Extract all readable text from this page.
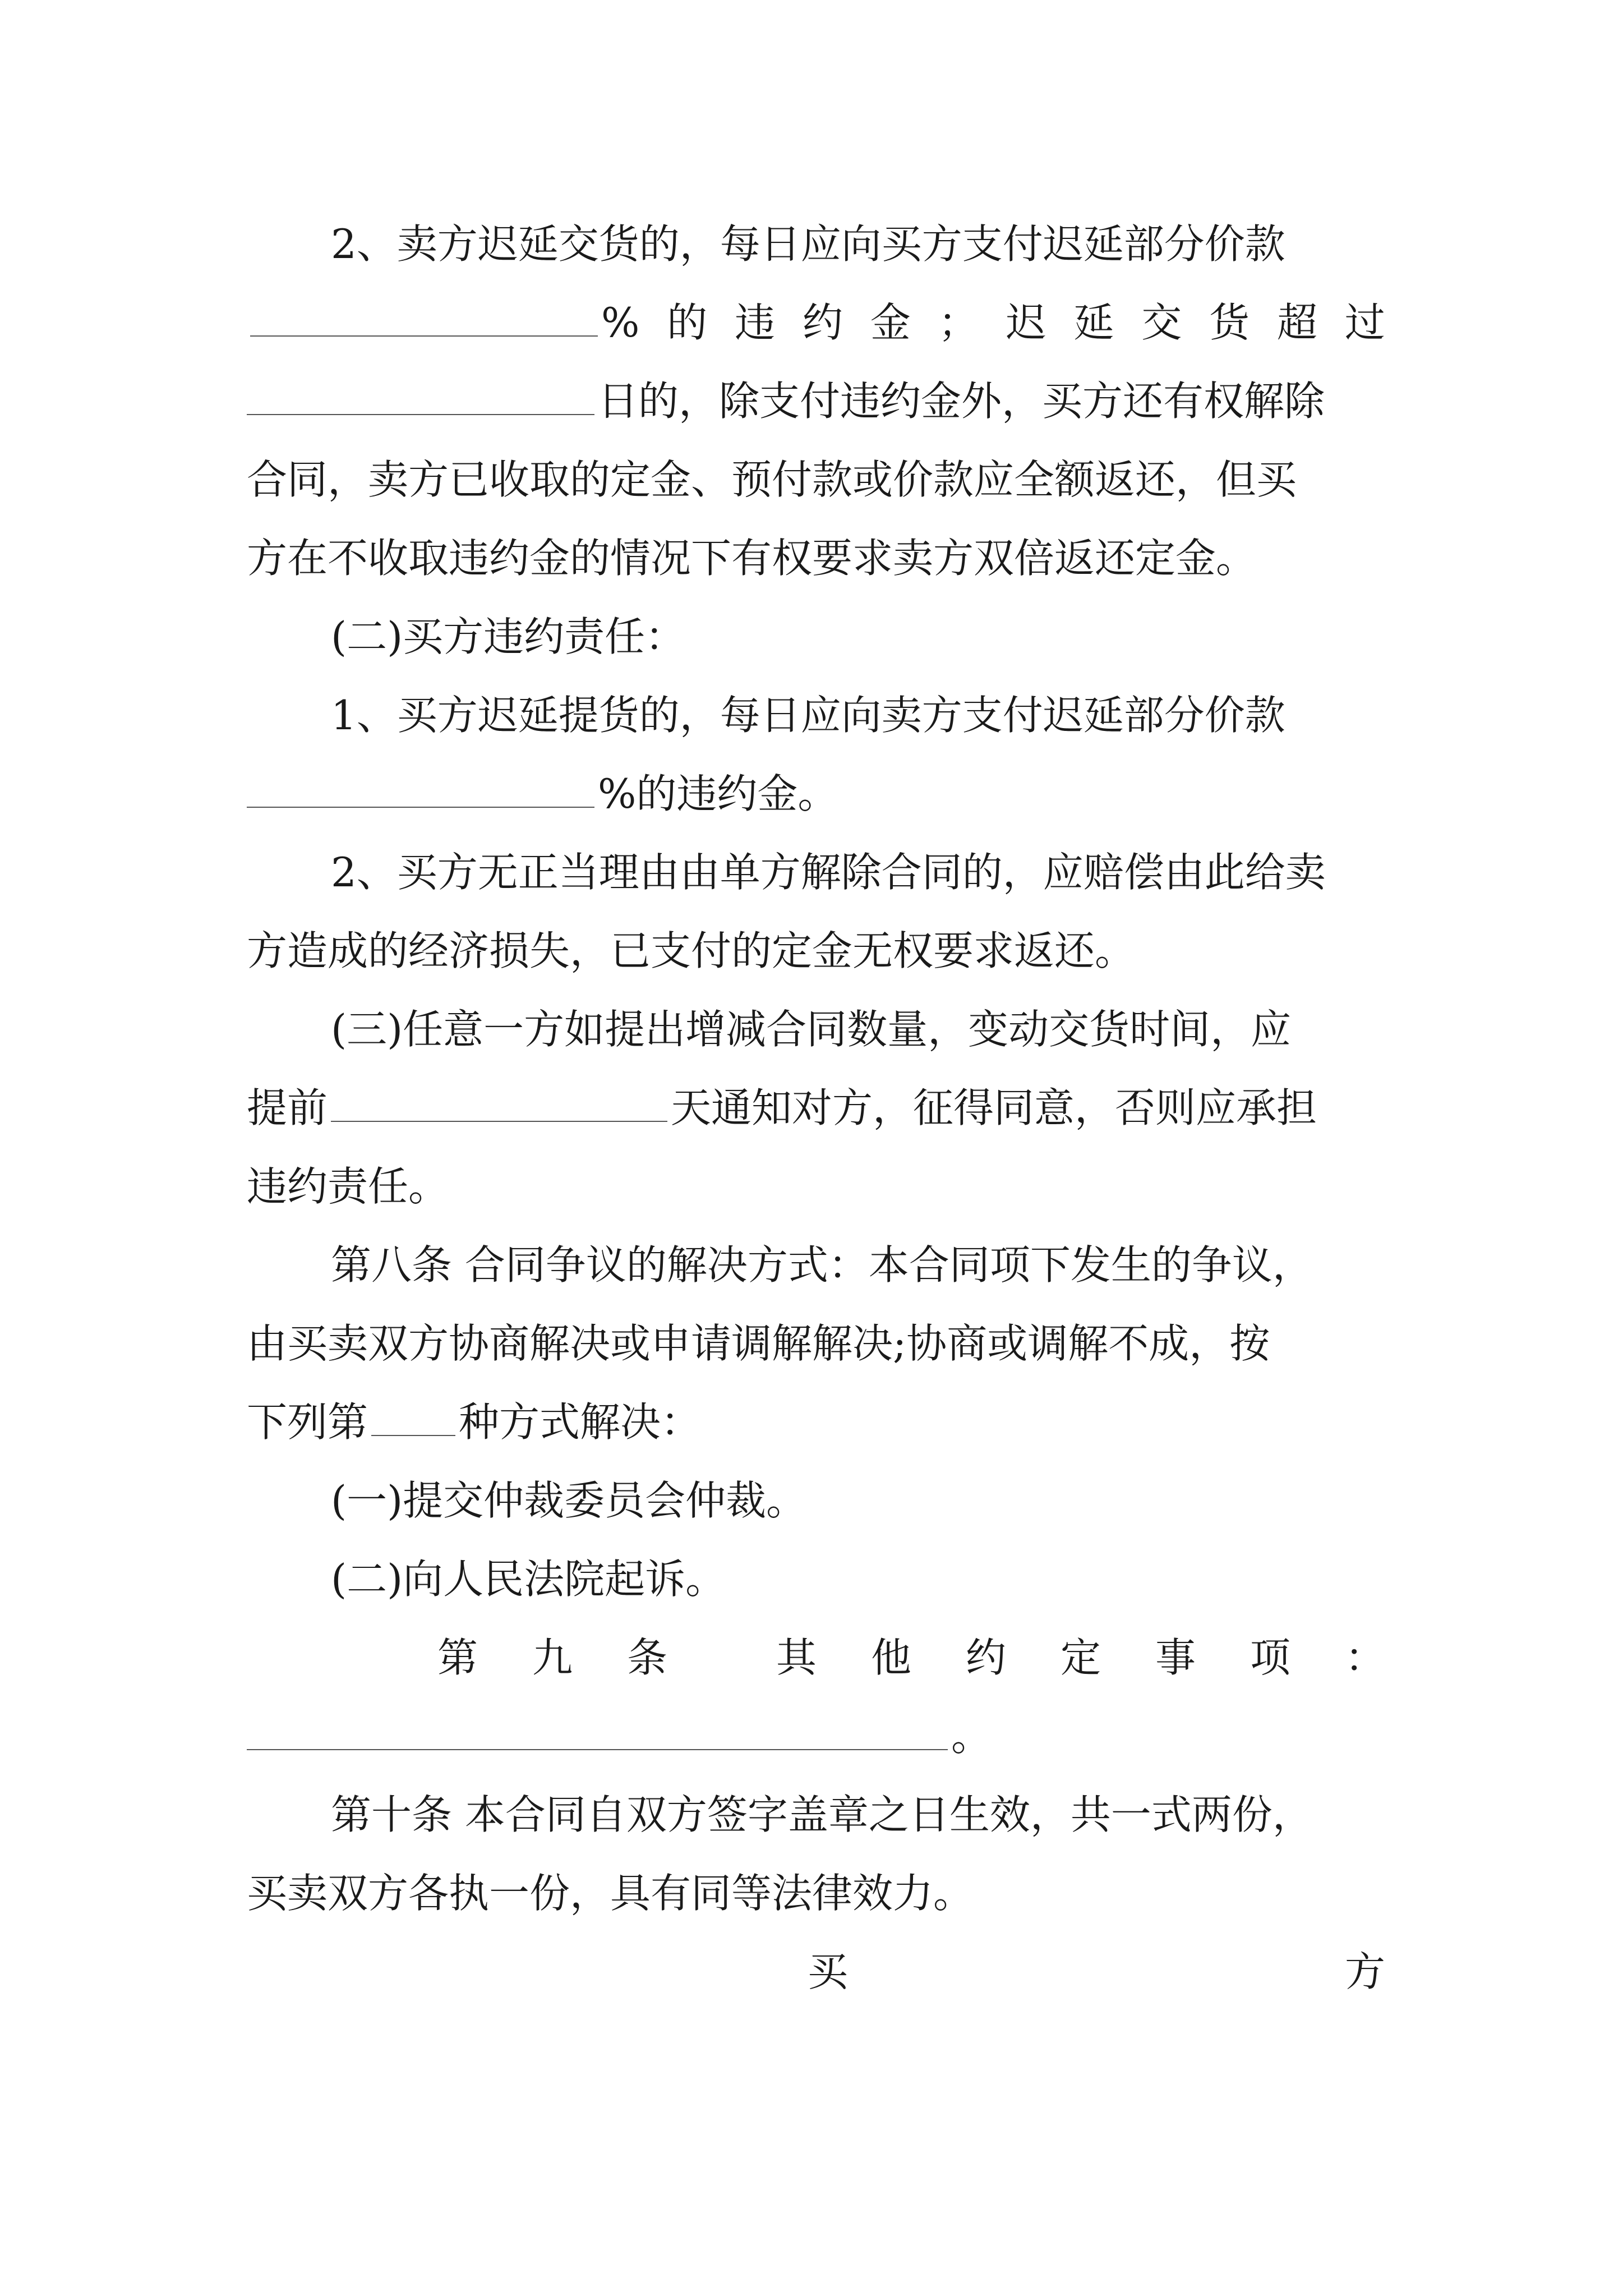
2、卖方迟延交货的，每日应向买方支付迟延部分价款
% 的 违 约 金 ； 迟 延 交 货 超 过
日的，除支付违约金外，买方还有权解除
合同，卖方已收取的定金、预付款或价款应全额返还，但买
方在不收取违约金的情况下有权要求卖方双倍返还定金。
(二)买方违约责任：
1、买方迟延提货的，每日应向卖方支付迟延部分价款
%的违约金。
2、买方无正当理由由单方解除合同的，应赔偿由此给卖
方造成的经济损失，已支付的定金无权要求返还。
(三)任意一方如提出增减合同数量，变动交货时间，应
提前	天通知对方，征得同意，否则应承担
违约责任。
第八条 合同争议的解决方式：本合同项下发生的争议，
由买卖双方协商解决或申请调解解决;协商或调解不成，按
下列第 种方式解决：
(一)提交仲裁委员会仲裁。
(二)向人民法院起诉。
第 九 条	其 他 约 定 事 项 ：
。
第十条 本合同自双方签字盖章之日生效，共一式两份，
买卖双方各执一份，具有同等法律效力。
买	方
